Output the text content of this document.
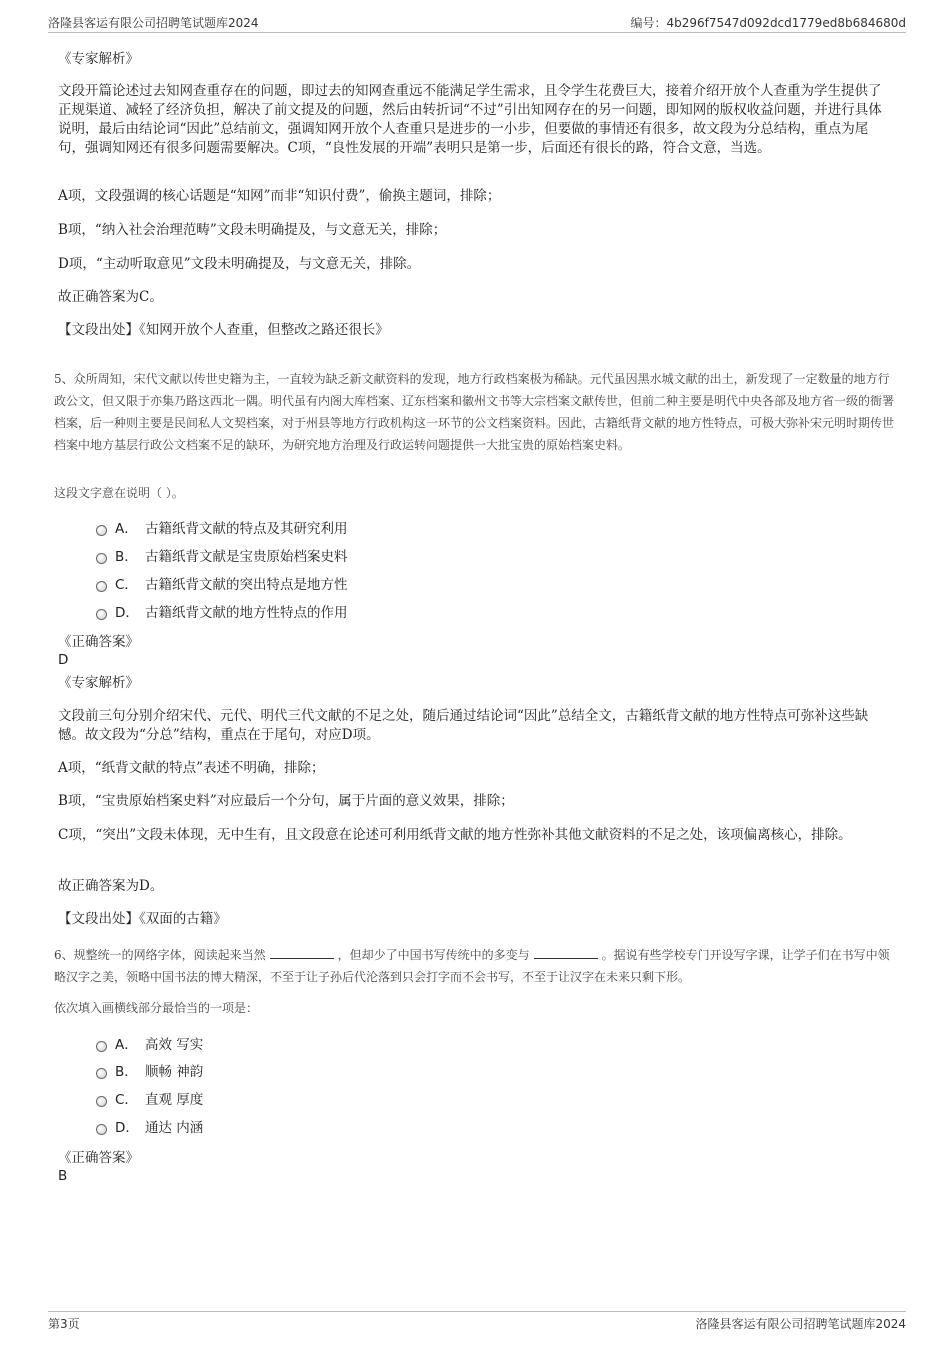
洛隆县客运有限公司招聘笔试题库2024	编号：4b296f7547d092dcd1779ed8b684680d
《专家解析》
文段开篇论述过去知网查重存在的问题，即过去的知网查重远不能满足学生需求，且令学生花费巨大，接着介绍开放个人查重为学生提供了正规渠道、减轻了经济负担，解决了前文提及的问题，然后由转折词“不过”引出知网存在的另一问题，即知网的版权收益问题，并进行具体说明，最后由结论词“因此”总结前文，强调知网开放个人查重只是进步的一小步，但要做的事情还有很多，故文段为分总结构，重点为尾句，强调知网还有很多问题需要解决。C项，“良性发展的开端”表明只是第一步，后面还有很长的路，符合文意，当选。
A项，文段强调的核心话题是“知网”而非“知识付费”，偷换主题词，排除；
B项，“纳入社会治理范畴”文段未明确提及，与文意无关，排除；
D项，“主动听取意见”文段未明确提及，与文意无关，排除。
故正确答案为C。
【文段出处】《知网开放个人查重，但整改之路还很长》
5、众所周知，宋代文献以传世史籍为主，一直较为缺乏新文献资料的发现，地方行政档案极为稀缺。元代虽因黑水城文献的出土，新发现了一定数量的地方行政公文，但又限于亦集乃路这西北一隅。明代虽有内阁大库档案、辽东档案和徽州文书等大宗档案文献传世，但前二种主要是明代中央各部及地方省一级的衙署档案，后一种则主要是民间私人文契档案，对于州县等地方行政机构这一环节的公文档案资料。因此，古籍纸背文献的地方性特点，可极大弥补宋元明时期传世档案中地方基层行政公文档案不足的缺环，为研究地方治理及行政运转问题提供一大批宝贵的原始档案史料。
这段文字意在说明（ ）。
A． 古籍纸背文献的特点及其研究利用
B． 古籍纸背文献是宝贵原始档案史料
C． 古籍纸背文献的突出特点是地方性
D． 古籍纸背文献的地方性特点的作用
《正确答案》
D
《专家解析》
文段前三句分别介绍宋代、元代、明代三代文献的不足之处，随后通过结论词“因此”总结全文，古籍纸背文献的地方性特点可弥补这些缺憾。故文段为“分总”结构，重点在于尾句，对应D项。
A项，“纸背文献的特点”表述不明确，排除；
B项，“宝贵原始档案史料”对应最后一个分句，属于片面的意义效果，排除；
C项，“突出”文段未体现，无中生有，且文段意在论述可利用纸背文献的地方性弥补其他文献资料的不足之处，该项偏离核心，排除。
故正确答案为D。
【文段出处】《双面的古籍》
6、规整统一的网络字体，阅读起来当然	，但却少了中国书写传统中的多变与	。据说有些学校专门开设写字课，让学子们在书写中领略汉字之美，领略中国书法的博大精深，不至于让子孙后代沦落到只会打字而不会书写，不至于让汉字在未来只剩下形。
依次填入画横线部分最恰当的一项是：
A． 高效 写实
B． 顺畅 神韵
C． 直观 厚度
D． 通达 内涵
《正确答案》
B
第3页	洛隆县客运有限公司招聘笔试题库2024
